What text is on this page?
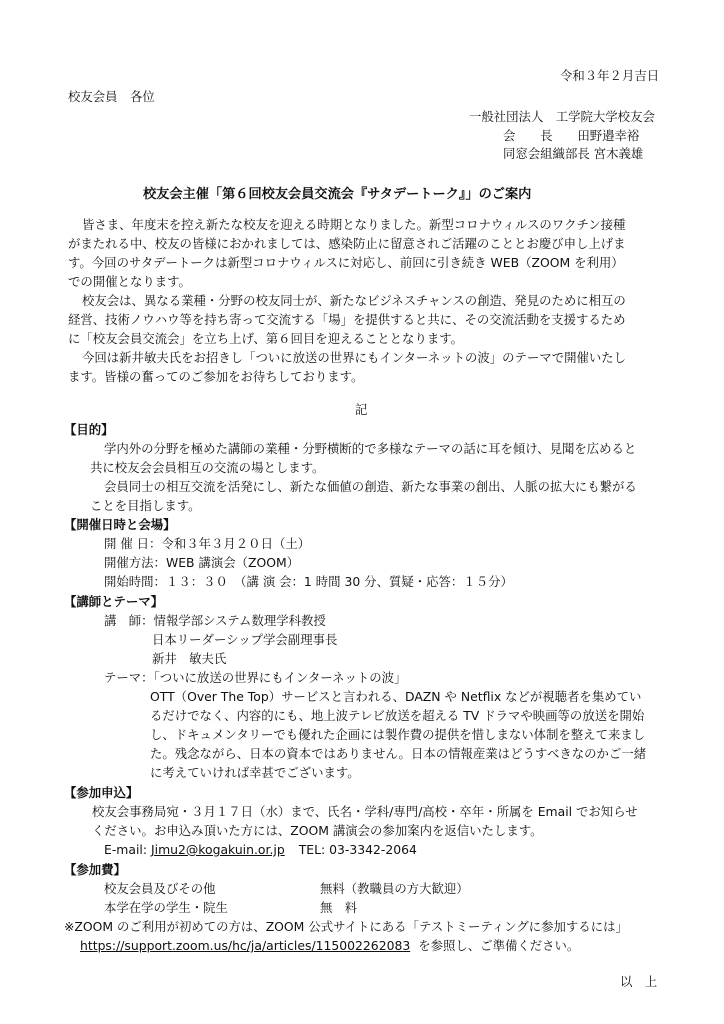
令和３年２月吉日
校友会員　各位
一般社団法人　工学院大学校友会
会　　長　　田野邉幸裕
同窓会組織部長 宮木義雄
校友会主催「第６回校友会員交流会『サタデートーク』」のご案内
皆さま、年度末を控え新たな校友を迎える時期となりました。新型コロナウィルスのワクチン接種
がまたれる中、校友の皆様におかれましては、感染防止に留意されご活躍のこととお慶び申し上げま
す。今回のサタデートークは新型コロナウィルスに対応し、前回に引き続き WEB（ZOOM を利用）
での開催となります。
校友会は、異なる業種・分野の校友同士が、新たなビジネスチャンスの創造、発見のために相互の
経営、技術ノウハウ等を持ち寄って交流する「場」を提供すると共に、その交流活動を支援するため
に「校友会員交流会」を立ち上げ、第６回目を迎えることとなります。
今回は新井敏夫氏をお招きし「ついに放送の世界にもインターネットの波」のテーマで開催いたし
ます。皆様の奮ってのご参加をお待ちしております。
記
【目的】
学内外の分野を極めた講師の業種・分野横断的で多様なテーマの話に耳を傾け、見聞を広めると
共に校友会会員相互の交流の場とします。
会員同士の相互交流を活発にし、新たな価値の創造、新たな事業の創出、人脈の拡大にも繋がる
ことを目指します。
【開催日時と会場】
開 催 日：令和３年３月２０日（土）
開催方法：WEB 講演会（ZOOM）
開始時間：１３：３０　（講 演 会：1 時間 30 分、質疑・応答：１５分）
【講師とテーマ】
講　師：情報学部システム数理学科教授
日本リーダーシップ学会副理事長
新井　敏夫氏
テーマ：「ついに放送の世界にもインターネットの波」
OTT（Over The Top）サービスと言われる、DAZN や Netflix などが視聴者を集めてい
るだけでなく、内容的にも、地上波テレビ放送を超える TV ドラマや映画等の放送を開始
し、ドキュメンタリーでも優れた企画には製作費の提供を惜しまない体制を整えて来まし
た。残念ながら、日本の資本ではありません。日本の情報産業はどうすべきなのかご一緒
に考えていければ幸甚でございます。
【参加申込】
校友会事務局宛・３月１７日（水）まで、氏名・学科/専門/高校・卒年・所属を Email でお知らせ
ください。お申込み頂いた方には、ZOOM 講演会の参加案内を返信いたします。
E-mail: Jimu2@kogakuin.or.jp TEL: 03-3342-2064
【参加費】
校友会員及びその他	無料（教職員の方大歓迎）
本学在学の学生・院生	無　料
※ZOOM のご利用が初めての方は、ZOOM 公式サイトにある「テストミーティングに参加するには」
https://support.zoom.us/hc/ja/articles/115002262083 を参照し、ご準備ください。
以　上
